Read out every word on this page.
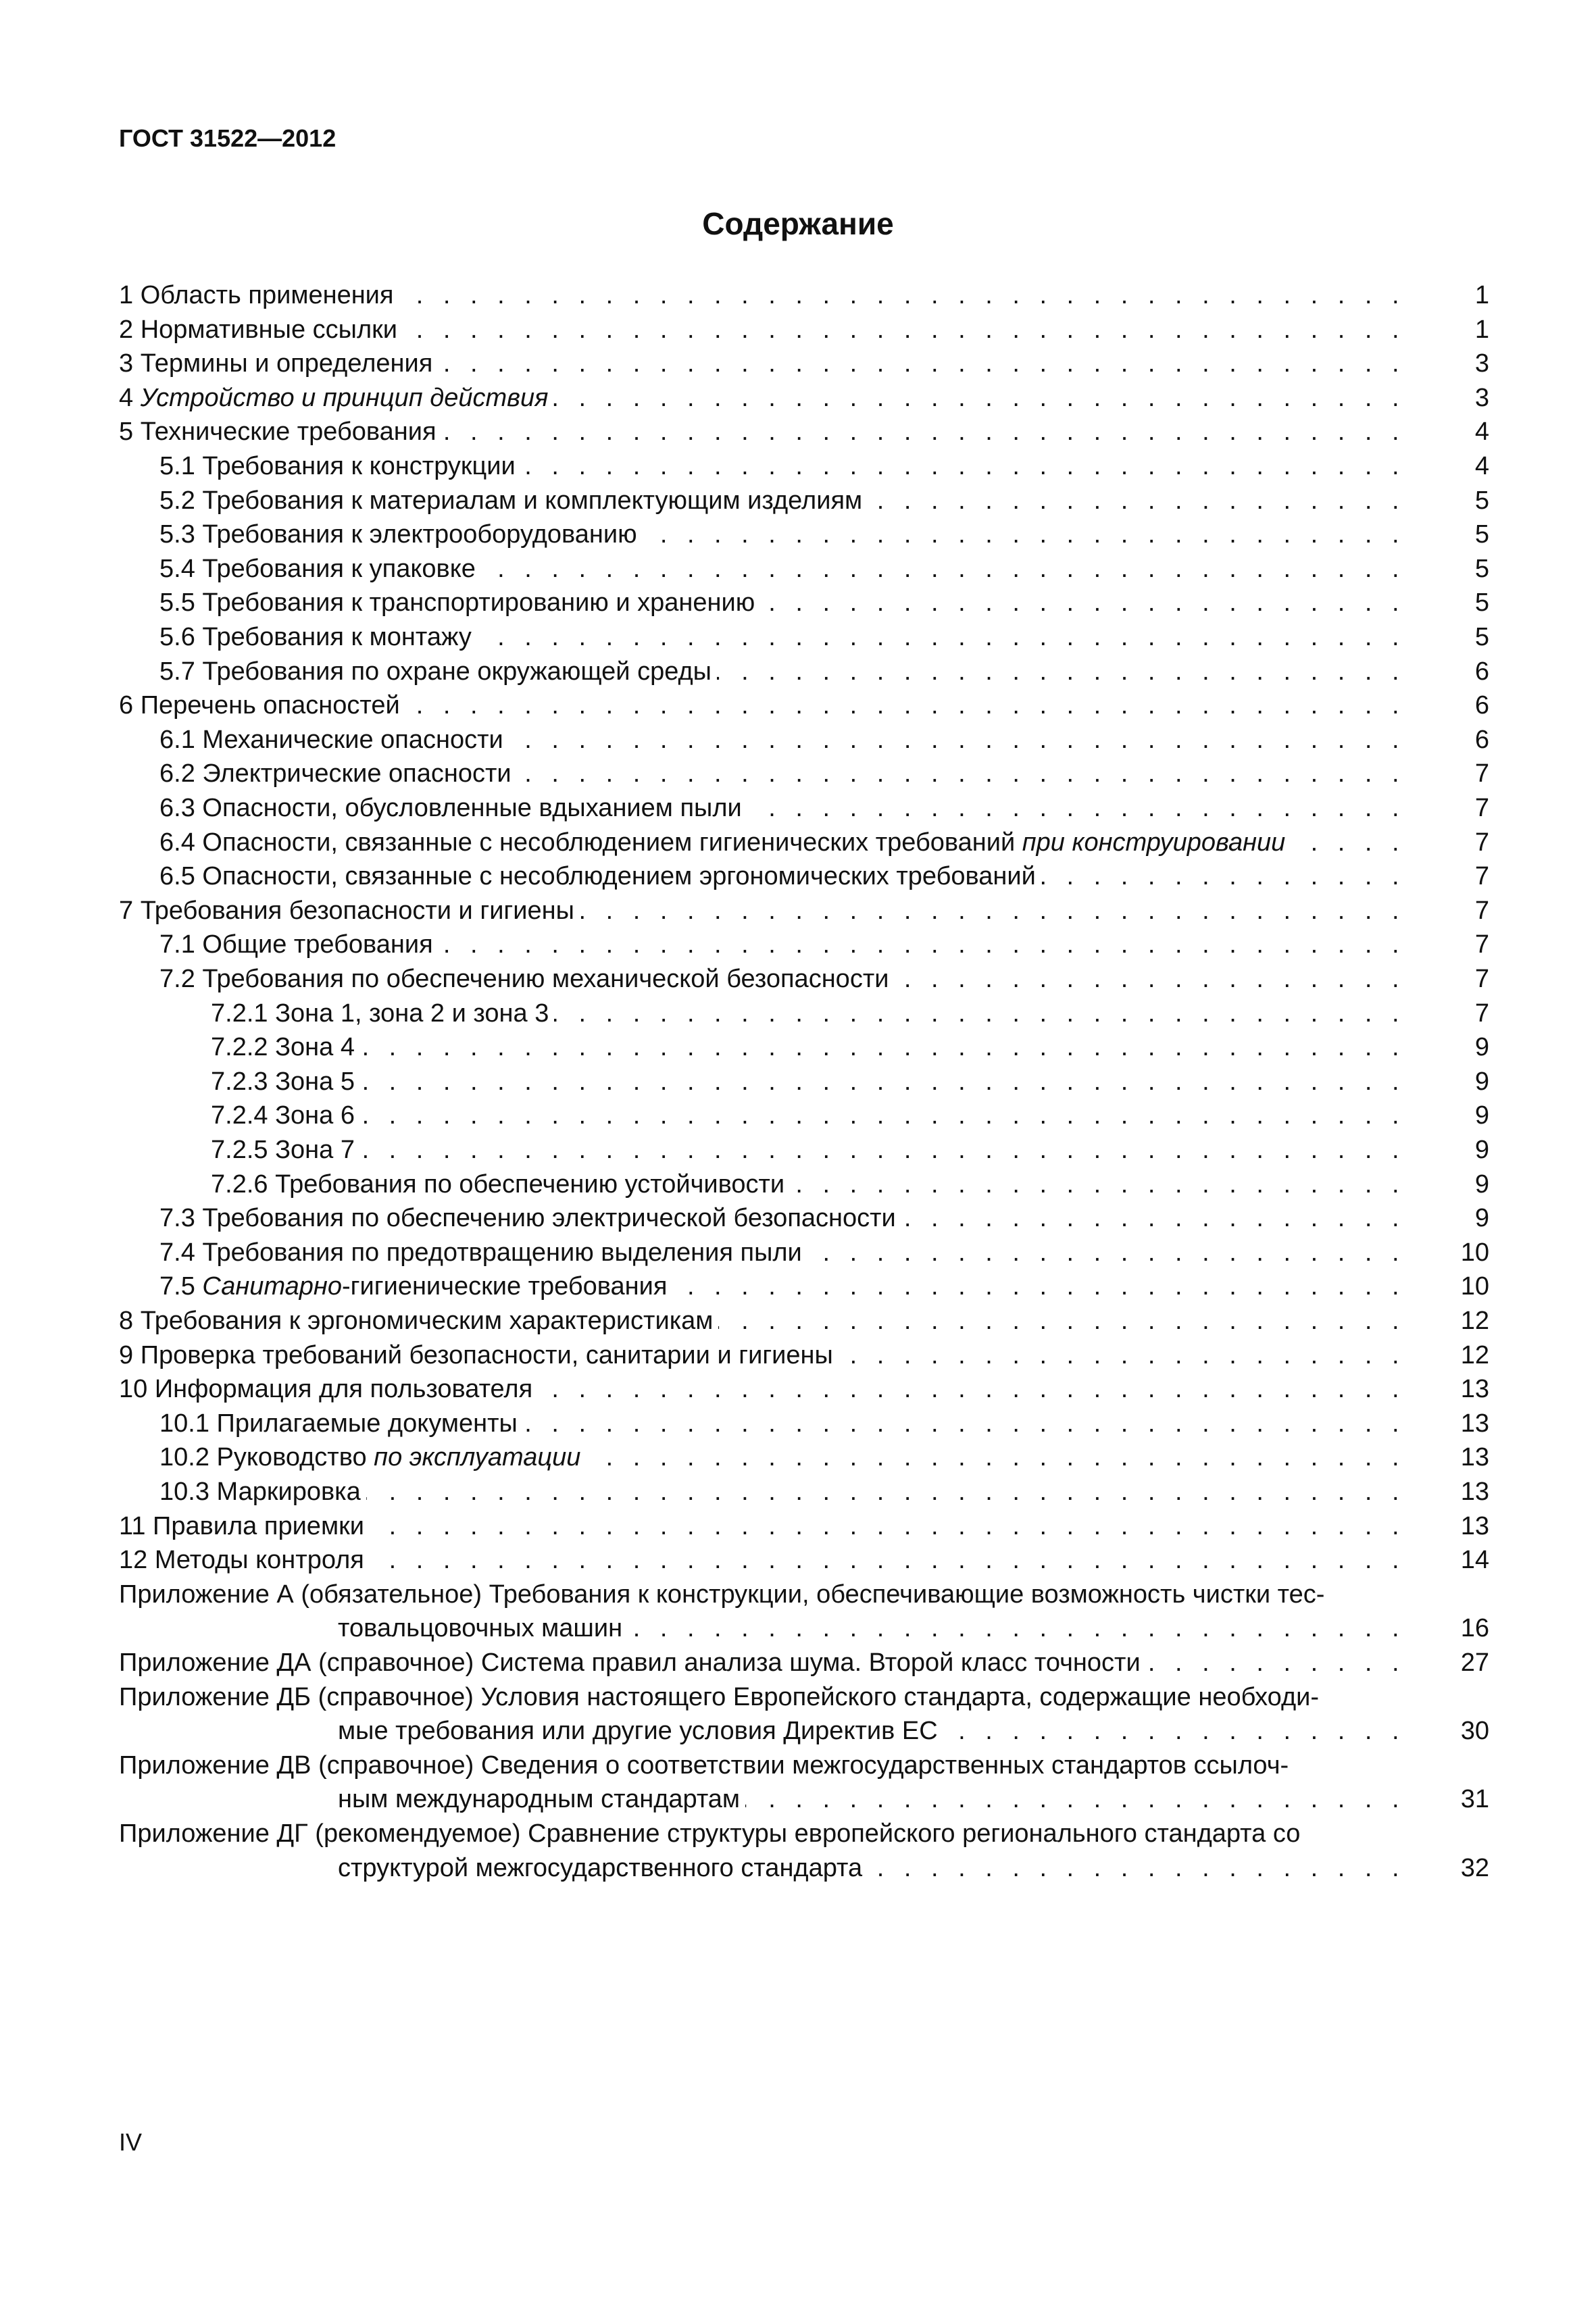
ГОСТ 31522—2012
Содержание
. . .
1 Область применения	1
. . .
2 Нормативные ссылки	1
. . .
3 Термины и определения	3
. . .
4 Устройство и принцип действия	3
. . .
5 Технические требования	4
. . .
5.1 Требования к конструкции	4
. . .
5.2 Требования к материалам и комплектующим изделиям	5
. . .
5.3 Требования к электрооборудованию	5
. . .
5.4 Требования к упаковке	5
. . .
5.5 Требования к транспортированию и хранению	5
. . .
5.6 Требования к монтажу	5
. . .
5.7 Требования по охране окружающей среды	6
. . .
6 Перечень опасностей	6
. . .
6.1 Механические опасности	6
. . .
6.2 Электрические опасности	7
. . .
6.3 Опасности, обусловленные вдыханием пыли	7
. . .
6.4 Опасности, связанные с несоблюдением гигиенических требований при конструировании	7
. . .
6.5 Опасности, связанные с несоблюдением эргономических требований	7
. . .
7 Требования безопасности и гигиены	7
. . .
7.1 Общие требования	7
. . .
7.2 Требования по обеспечению механической безопасности	7
. . .
7.2.1 Зона 1, зона 2 и зона 3	7
. . .
7.2.2 Зона 4	9
. . .
7.2.3 Зона 5	9
. . .
7.2.4 Зона 6	9
. . .
7.2.5 Зона 7	9
. . .
7.2.6 Требования по обеспечению устойчивости	9
. . .
7.3 Требования по обеспечению электрической безопасности	9
. . .
7.4 Требования по предотвращению выделения пыли	10
. . .
7.5 Санитарно-гигиенические требования	10
. . .
8 Требования к эргономическим характеристикам	12
. . .
9 Проверка требований безопасности, санитарии и гигиены	12
. . .
10 Информация для пользователя	13
. . .
10.1 Прилагаемые документы	13
. . .
10.2 Руководство по эксплуатации	13
. . .
10.3 Маркировка	13
. . .
11 Правила приемки	13
. . .
12 Методы контроля	14
Приложение А (обязательное) Требования к конструкции, обеспечивающие возможность чистки тес-
. . .
товальцовочных машин	16
. . .
Приложение ДА (справочное) Система правил анализа шума. Второй класс точности	27
Приложение ДБ (справочное) Условия настоящего Европейского стандарта, содержащие необходи-
. . .
мые требования или другие условия Директив ЕС	30
Приложение ДВ (справочное) Сведения о соответствии межгосударственных стандартов ссылоч-
. . .
ным международным стандартам	31
Приложение ДГ (рекомендуемое) Сравнение структуры европейского регионального стандарта со
. . .
структурой межгосударственного стандарта	32
IV
